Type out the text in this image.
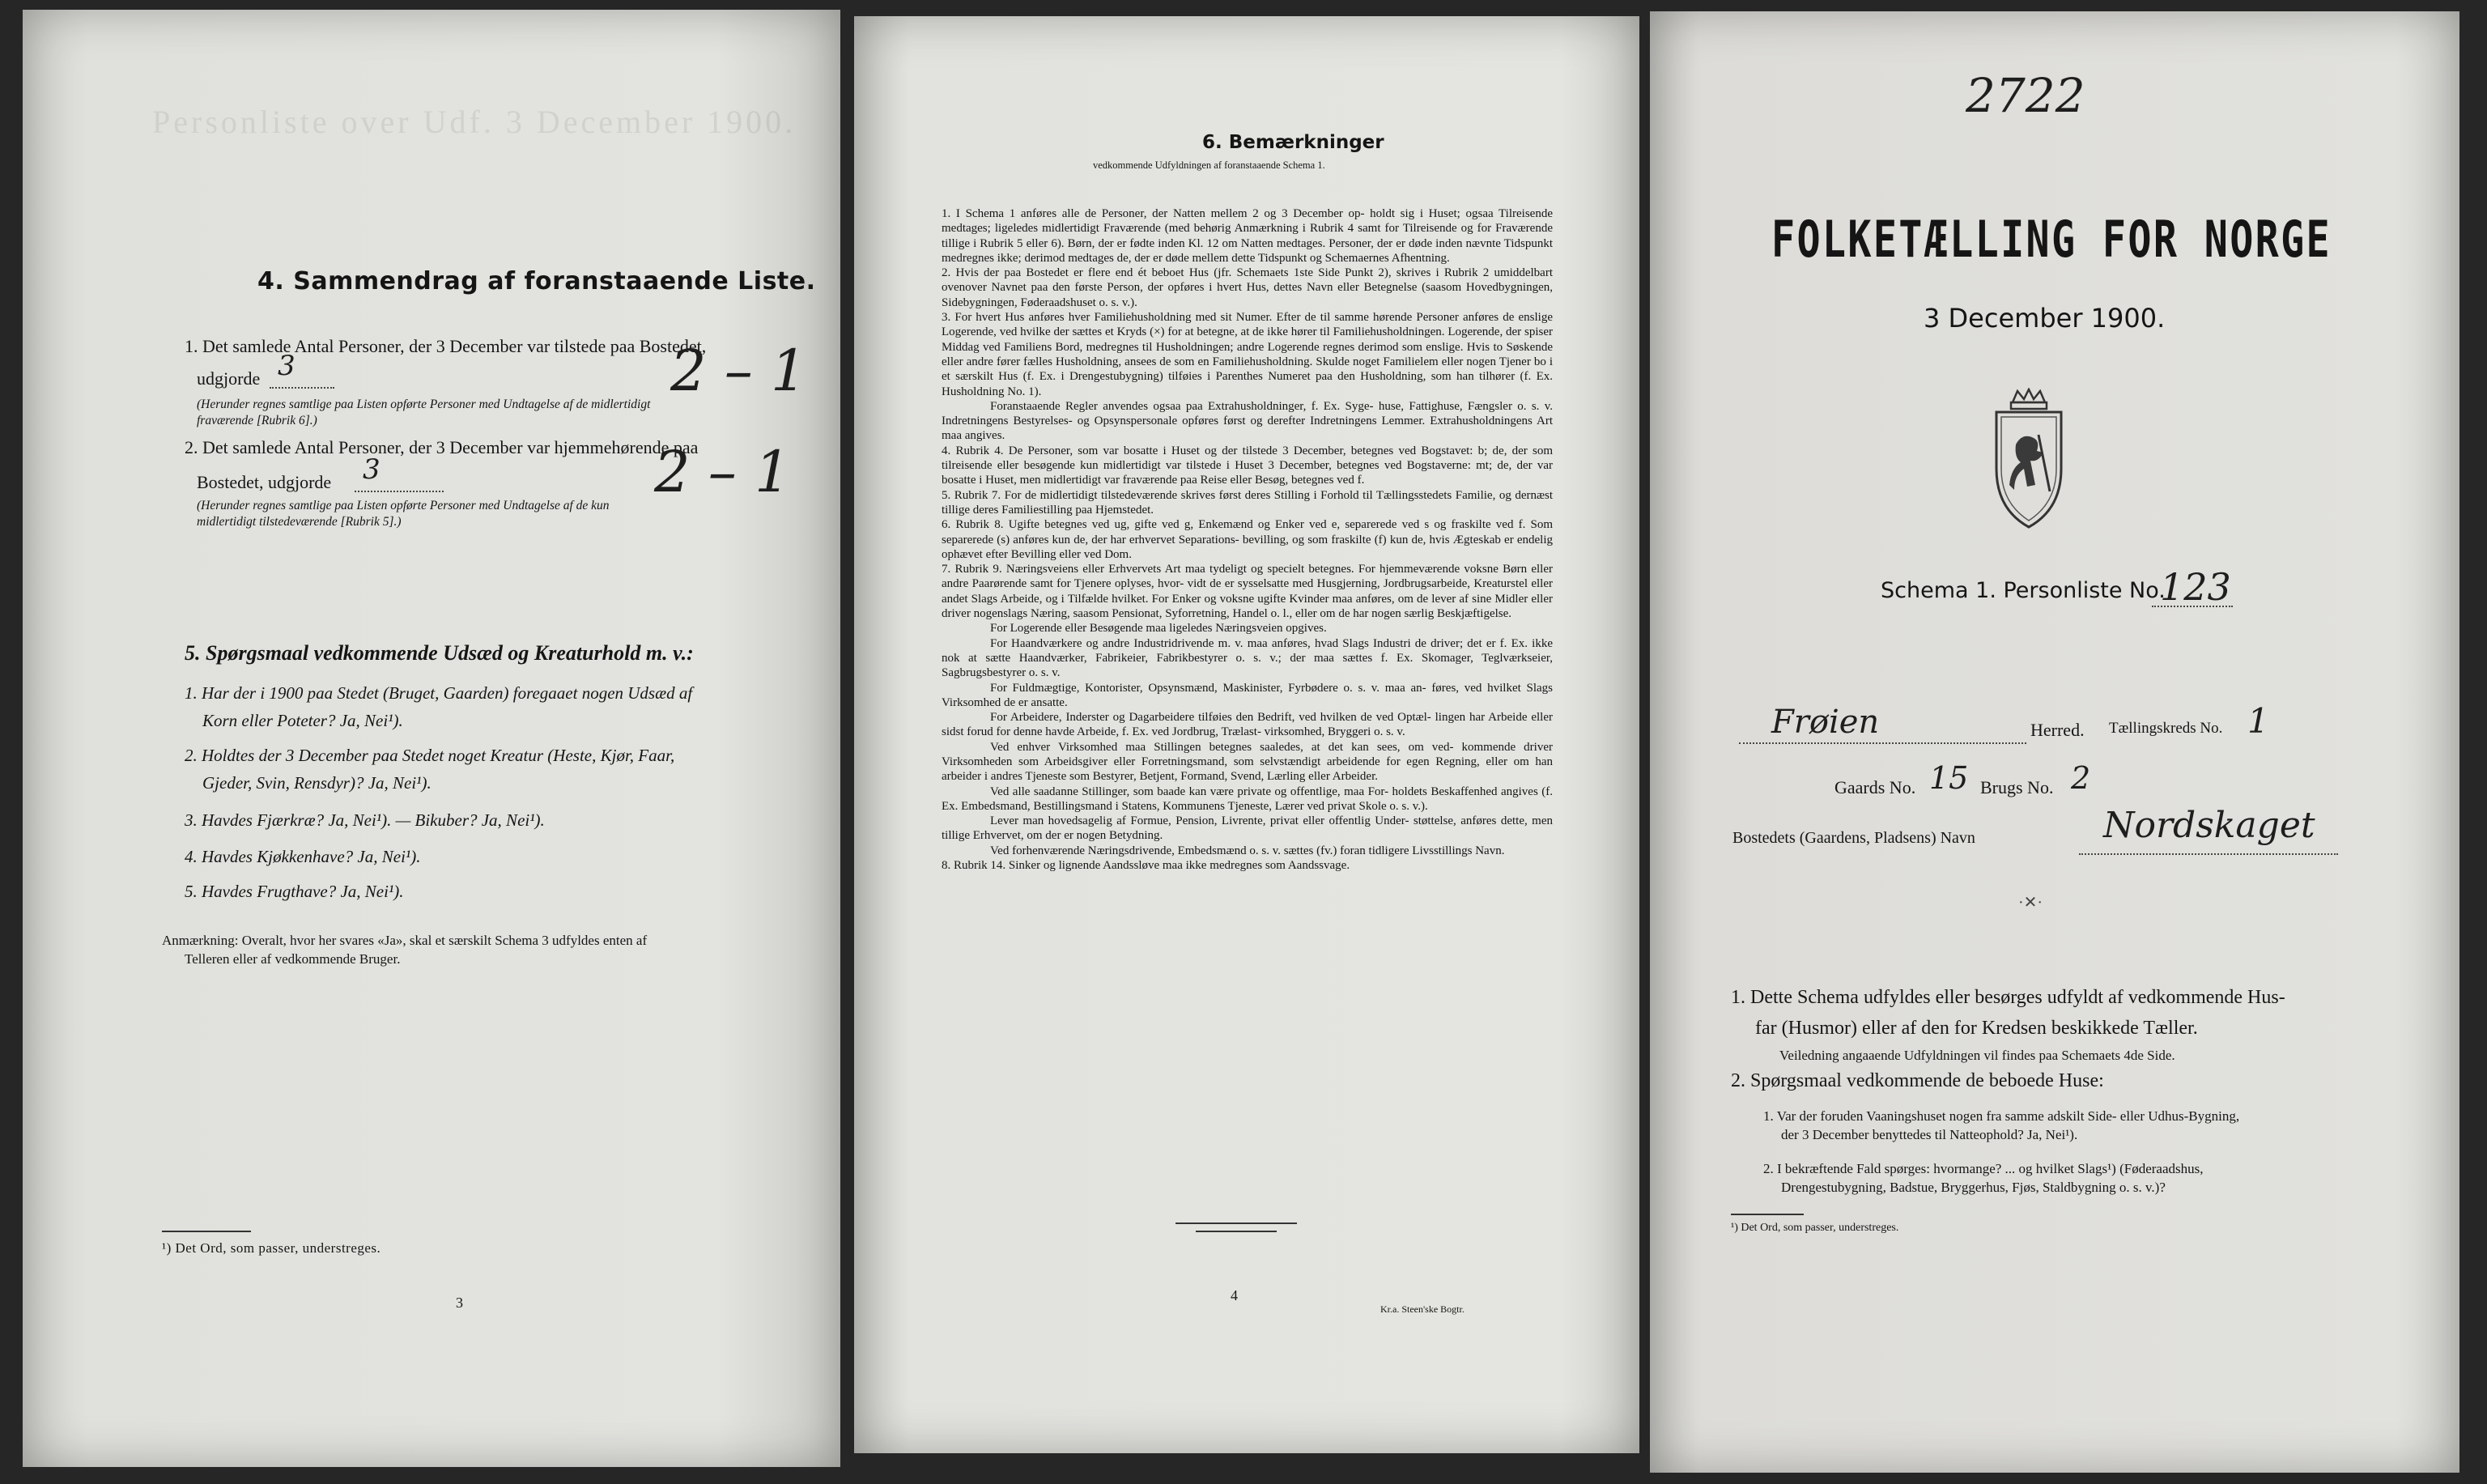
Personliste over Udf. 3 December 1900.
4. Sammendrag af foranstaaende Liste.
1. Det samlede Antal Personer, der 3 December var tilstede paa Bostedet,
udgjorde 3	2 – 1
(Herunder regnes samtlige paa Listen opførte Personer med Undtagelse af de midlertidigt
fraværende [Rubrik 6].)
2. Det samlede Antal Personer, der 3 December var hjemmehørende paa
Bostedet, udgjorde 3	2 – 1
(Herunder regnes samtlige paa Listen opførte Personer med Undtagelse af de kun
midlertidigt tilstedeværende [Rubrik 5].)
5. Spørgsmaal vedkommende Udsæd og Kreaturhold m. v.:
1. Har der i 1900 paa Stedet (Bruget, Gaarden) foregaaet nogen Udsæd af
Korn eller Poteter? Ja, Nei¹).
2. Holdtes der 3 December paa Stedet noget Kreatur (Heste, Kjør, Faar,
Gjeder, Svin, Rensdyr)? Ja, Nei¹).
3. Havdes Fjærkræ? Ja, Nei¹). — Bikuber? Ja, Nei¹).
4. Havdes Kjøkkenhave? Ja, Nei¹).
5. Havdes Frugthave? Ja, Nei¹).
Anmærkning: Overalt, hvor her svares «Ja», skal et særskilt Schema 3 udfyldes enten af
Telleren eller af vedkommende Bruger.
¹) Det Ord, som passer, understreges.
3
6. Bemærkninger
vedkommende Udfyldningen af foranstaaende Schema 1.

1. I Schema 1 anføres alle de Personer, der Natten mellem 2 og 3 December op- holdt sig i Huset; ogsaa Tilreisende medtages; ligeledes midlertidigt Fraværende (med behørig Anmærkning i Rubrik 4 samt for Tilreisende og for Fraværende tillige i Rubrik 5 eller 6). Børn, der er fødte inden Kl. 12 om Natten medtages. Personer, der er døde inden nævnte Tidspunkt medregnes ikke; derimod medtages de, der er døde mellem dette Tidspunkt og Schemaernes Afhentning.

2. Hvis der paa Bostedet er flere end ét beboet Hus (jfr. Schemaets 1ste Side Punkt 2), skrives i Rubrik 2 umiddelbart ovenover Navnet paa den første Person, der opføres i hvert Hus, dettes Navn eller Betegnelse (saasom Hovedbygningen, Sidebygningen, Føderaadshuset o. s. v.).

3. For hvert Hus anføres hver Familiehusholdning med sit Numer. Efter de til samme hørende Personer anføres de enslige Logerende, ved hvilke der sættes et Kryds (×) for at betegne, at de ikke hører til Familiehusholdningen. Logerende, der spiser Middag ved Familiens Bord, medregnes til Husholdningen; andre Logerende regnes derimod som enslige. Hvis to Søskende eller andre fører fælles Husholdning, ansees de som en Familiehusholdning. Skulde noget Familielem eller nogen Tjener bo i et særskilt Hus (f. Ex. i Drengestubygning) tilføies i Parenthes Numeret paa den Husholdning, som han tilhører (f. Ex. Husholdning No. 1).

Foranstaaende Regler anvendes ogsaa paa Extrahusholdninger, f. Ex. Syge- huse, Fattighuse, Fængsler o. s. v. Indretningens Bestyrelses- og Opsynspersonale opføres først og derefter Indretningens Lemmer. Extrahusholdningens Art maa angives.

4. Rubrik 4. De Personer, som var bosatte i Huset og der tilstede 3 December, betegnes ved Bogstavet: b; de, der som tilreisende eller besøgende kun midlertidigt var tilstede i Huset 3 December, betegnes ved Bogstaverne: mt; de, der var bosatte i Huset, men midlertidigt var fraværende paa Reise eller Besøg, betegnes ved f.

5. Rubrik 7. For de midlertidigt tilstedeværende skrives først deres Stilling i Forhold til Tællingsstedets Familie, og dernæst tillige deres Familiestilling paa Hjemstedet.

6. Rubrik 8. Ugifte betegnes ved ug, gifte ved g, Enkemænd og Enker ved e, separerede ved s og fraskilte ved f. Som separerede (s) anføres kun de, der har erhvervet Separations- bevilling, og som fraskilte (f) kun de, hvis Ægteskab er endelig ophævet efter Bevilling eller ved Dom.

7. Rubrik 9. Næringsveiens eller Erhvervets Art maa tydeligt og specielt betegnes. For hjemmeværende voksne Børn eller andre Paarørende samt for Tjenere oplyses, hvor- vidt de er sysselsatte med Husgjerning, Jordbrugsarbeide, Kreaturstel eller andet Slags Arbeide, og i Tilfælde hvilket. For Enker og voksne ugifte Kvinder maa anføres, om de lever af sine Midler eller driver nogenslags Næring, saasom Pensionat, Syforretning, Handel o. l., eller om de har nogen særlig Beskjæftigelse.

For Logerende eller Besøgende maa ligeledes Næringsveien opgives.

For Haandværkere og andre Industridrivende m. v. maa anføres, hvad Slags Industri de driver; det er f. Ex. ikke nok at sætte Haandværker, Fabrikeier, Fabrikbestyrer o. s. v.; der maa sættes f. Ex. Skomager, Teglværkseier, Sagbrugsbestyrer o. s. v.

For Fuldmægtige, Kontorister, Opsynsmænd, Maskinister, Fyrbødere o. s. v. maa an- føres, ved hvilket Slags Virksomhed de er ansatte.

For Arbeidere, Inderster og Dagarbeidere tilføies den Bedrift, ved hvilken de ved Optæl- lingen har Arbeide eller sidst forud for denne havde Arbeide, f. Ex. ved Jordbrug, Trælast- virksomhed, Bryggeri o. s. v.

Ved enhver Virksomhed maa Stillingen betegnes saaledes, at det kan sees, om ved- kommende driver Virksomheden som Arbeidsgiver eller Forretningsmand, som selvstændigt arbeidende for egen Regning, eller om han arbeider i andres Tjeneste som Bestyrer, Betjent, Formand, Svend, Lærling eller Arbeider.

Ved alle saadanne Stillinger, som baade kan være private og offentlige, maa For- holdets Beskaffenhed angives (f. Ex. Embedsmand, Bestillingsmand i Statens, Kommunens Tjeneste, Lærer ved privat Skole o. s. v.).

Lever man hovedsagelig af Formue, Pension, Livrente, privat eller offentlig Under- støttelse, anføres dette, men tillige Erhvervet, om der er nogen Betydning.

Ved forhenværende Næringsdrivende, Embedsmænd o. s. v. sættes (fv.) foran tidligere Livsstillings Navn.

8. Rubrik 14. Sinker og lignende Aandssløve maa ikke medregnes som Aandssvage.

4
Kr.a. Steen'ske Bogtr.
2722
FOLKETÆLLING FOR NORGE
3 December 1900.
Schema 1. Personliste No.
123
Frøien	Herred. Tællingskreds No. 1
Gaards No. 15 Brugs No. 2
Bostedets (Gaardens, Pladsens) Navn	Nordskaget
·✕·
1. Dette Schema udfyldes eller besørges udfyldt af vedkommende Hus-
far (Husmor) eller af den for Kredsen beskikkede Tæller.
Veiledning angaaende Udfyldningen vil findes paa Schemaets 4de Side.
2. Spørgsmaal vedkommende de beboede Huse:
1. Var der foruden Vaaningshuset nogen fra samme adskilt Side- eller Udhus-Bygning,
der 3 December benyttedes til Natteophold? Ja, Nei¹).
2. I bekræftende Fald spørges: hvormange? ... og hvilket Slags¹) (Føderaadshus,
Drengestubygning, Badstue, Bryggerhus, Fjøs, Staldbygning o. s. v.)?
¹) Det Ord, som passer, understreges.
